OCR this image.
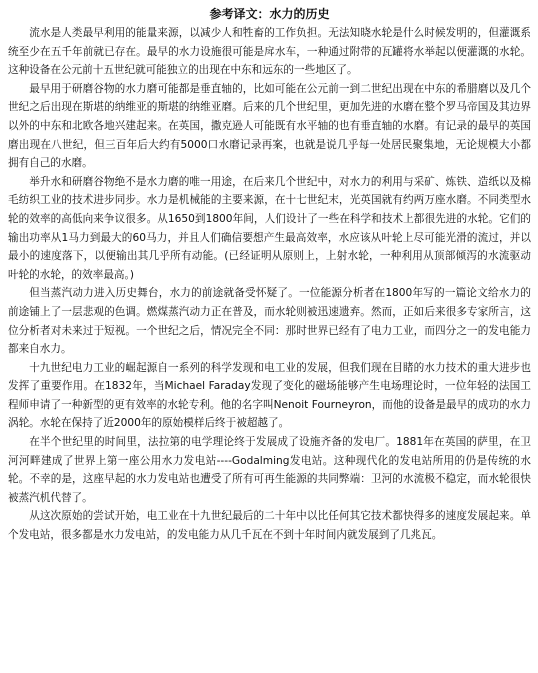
参考译文：水力的历史

流水是人类最早利用的能量来源，以减少人和牲畜的工作负担。无法知晓水轮是什么时候发明的，但灌溉系统至少在五千年前就已存在。最早的水力设施很可能是戽水车，一种通过附带的瓦罐将水举起以便灌溉的水轮。这种设备在公元前十五世纪就可能独立的出现在中东和远东的一些地区了。

最早用于研磨谷物的水力磨可能都是垂直轴的，比如可能在公元前一到二世纪出现在中东的希腊磨以及几个世纪之后出现在斯堪的纳维亚的斯堪的纳维亚磨。后来的几个世纪里，更加先进的水磨在整个罗马帝国及其边界以外的中东和北欧各地兴建起来。在英国，撒克逊人可能既有水平轴的也有垂直轴的水磨。有记录的最早的英国磨出现在八世纪，但三百年后大约有5000口水磨记录再案，也就是说几乎每一处居民聚集地，无论规模大小都拥有自己的水磨。

举升水和研磨谷物绝不是水力磨的唯一用途，在后来几个世纪中，对水力的利用与采矿、炼铁、造纸以及棉毛纺织工业的技术进步同步。水力是机械能的主要来源，在十七世纪末，光英国就有约两万座水磨。不同类型水轮的效率的高低向来争议很多。从1650到1800年间，人们设计了一些在科学和技术上都很先进的水轮。它们的输出功率从1马力到最大的60马力，并且人们确信要想产生最高效率，水应该从叶轮上尽可能光滑的流过，并以最小的速度落下，以便输出其几乎所有动能。(已经证明从原则上，上射水轮，一种利用从顶部倾泻的水流驱动叶轮的水轮，的效率最高。)

但当蒸汽动力进入历史舞台，水力的前途就备受怀疑了。一位能源分析者在1800年写的一篇论文给水力的前途铺上了一层悲观的色调。燃煤蒸汽动力正在普及，而水轮则被迅速遗弃。然而，正如后来很多专家所言，这位分析者对未来过于短视。一个世纪之后，情况完全不同：那时世界已经有了电力工业，而四分之一的发电能力都来自水力。

十九世纪电力工业的崛起源自一系列的科学发现和电工业的发展，但我们现在目睹的水力技术的重大进步也发挥了重要作用。在1832年，当Michael Faraday发现了变化的磁场能够产生电场理论时，一位年轻的法国工程师申请了一种新型的更有效率的水轮专利。他的名字叫Nenoit Fourneyron，而他的设备是最早的成功的水力涡轮。水轮在保持了近2000年的原始模样后终于被超越了。

在半个世纪里的时间里，法拉第的电学理论终于发展成了设施齐备的发电厂。1881年在英国的萨里，在卫河河畔建成了世界上第一座公用水力发电站----Godalming发电站。这种现代化的发电站所用的仍是传统的水轮。不幸的是，这座早起的水力发电站也遭受了所有可再生能源的共同弊端：卫河的水流极不稳定，而水轮很快被蒸汽机代替了。

从这次原始的尝试开始，电工业在十九世纪最后的二十年中以比任何其它技术都快得多的速度发展起来。单个发电站，很多都是水力发电站，的发电能力从几千瓦在不到十年时间内就发展到了几兆瓦。
